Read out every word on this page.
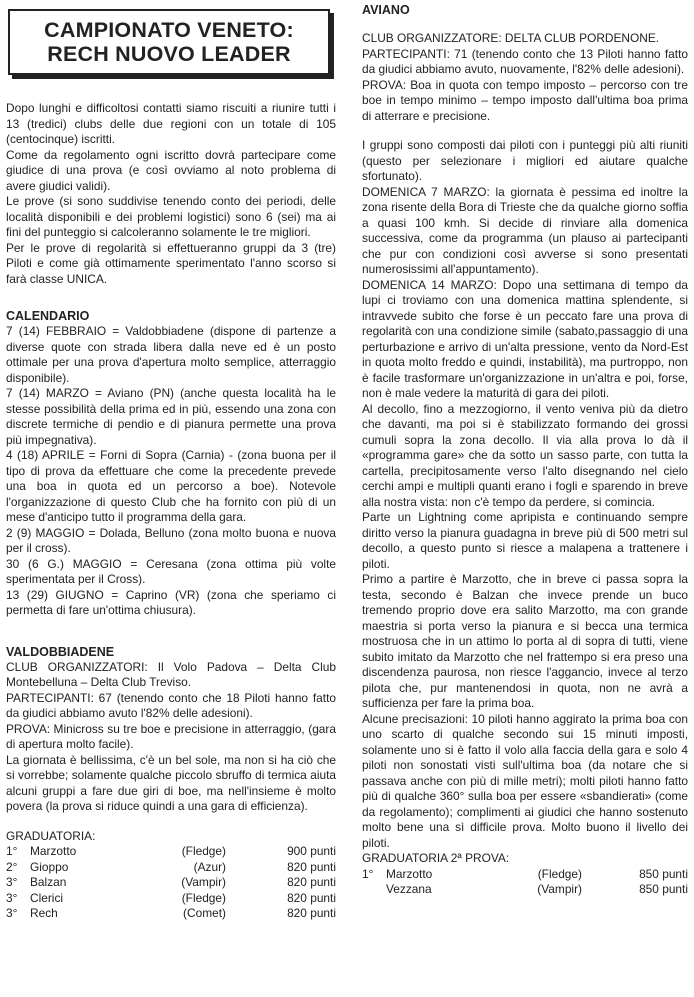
CAMPIONATO VENETO:
RECH NUOVO LEADER

Dopo lunghi e difficoltosi contatti siamo riscuiti a riunire tutti i 13 (tredici) clubs delle due regioni con un totale di 105 (centocinque) iscritti.

Come da regolamento ogni iscritto dovrà partecipare come giudice di una prova (e così ovviamo al noto problema di avere giudici validi).

Le prove (si sono suddivise tenendo conto dei periodi, delle località disponibili e dei problemi logistici) sono 6 (sei) ma ai fini del punteggio si calcoleranno solamente le tre migliori.

Per le prove di regolarità si effettueranno gruppi da 3 (tre) Piloti e come già ottimamente sperimentato l'anno scorso si farà classe UNICA.

CALENDARIO

7 (14) FEBBRAIO = Valdobbiadene (dispone di partenze a diverse quote con strada libera dalla neve ed è un posto ottimale per una prova d'apertura molto semplice, atterraggio disponibile).

7 (14) MARZO = Aviano (PN) (anche questa località ha le stesse possibilità della prima ed in più, essendo una zona con discrete termiche di pendio e di pianura permette una prova più impegnativa).

4 (18) APRILE = Forni di Sopra (Carnia) - (zona buona per il tipo di prova da effettuare che come la precedente prevede una boa in quota ed un percorso a boe). Notevole l'organizzazione di questo Club che ha fornito con più di un mese d'anticipo tutto il programma della gara.

2 (9) MAGGIO = Dolada, Belluno (zona molto buona e nuova per il cross).

30 (6 G.) MAGGIO = Ceresana (zona ottima più volte sperimentata per il Cross).

13 (29) GIUGNO = Caprino (VR) (zona che speriamo ci permetta di fare un'ottima chiusura).

VALDOBBIADENE

CLUB ORGANIZZATORI: Il Volo Padova – Delta Club Montebelluna – Delta Club Treviso.

PARTECIPANTI: 67 (tenendo conto che 18 Piloti hanno fatto da giudici abbiamo avuto l'82% delle adesioni).

PROVA: Minicross su tre boe e precisione in atterraggio, (gara di apertura molto facile).

La giornata è bellissima, c'è un bel sole, ma non si ha ciò che si vorrebbe; solamente qualche piccolo sbruffo di termica aiuta alcuni gruppi a fare due giri di boe, ma nell'insieme è molto povera (la prova si riduce quindi a una gara di efficienza).

GRADUATORIA:

1°	Marzotto	(Fledge)	900 punti
2°	Gioppo	(Azur)	820 punti
3°	Balzan	(Vampir)	820 punti
3°	Clerici	(Fledge)	820 punti
3°	Rech	(Comet)	820 punti
AVIANO

CLUB ORGANIZZATORE: DELTA CLUB PORDENONE.

PARTECIPANTI: 71 (tenendo conto che 13 Piloti hanno fatto da giudici abbiamo avuto, nuovamente, l'82% delle adesioni).

PROVA: Boa in quota con tempo imposto – percorso con tre boe in tempo minimo – tempo imposto dall'ultima boa prima di atterrare e precisione.

I gruppi sono composti dai piloti con i punteggi più alti riuniti (questo per selezionare i migliori ed aiutare qualche sfortunato).

DOMENICA 7 MARZO: la giornata è pessima ed inoltre la zona risente della Bora di Trieste che da qualche giorno soffia a quasi 100 kmh. Si decide di rinviare alla domenica successiva, come da programma (un plauso ai partecipanti che pur con condizioni così avverse si sono presentati numerosissimi all'appuntamento).

DOMENICA 14 MARZO: Dopo una settimana di tempo da lupi ci troviamo con una domenica mattina splendente, si intravvede subito che forse è un peccato fare una prova di regolarità con una condizione simile (sabato,passaggio di una perturbazione e arrivo di un'alta pressione, vento da Nord-Est in quota molto freddo e quindi, instabilità), ma purtroppo, non è facile trasformare un'organizzazione in un'altra e poi, forse, non è male vedere la maturità di gara dei piloti.

Al decollo, fino a mezzogiorno, il vento veniva più da dietro che davanti, ma poi si è stabilizzato formando dei grossi cumuli sopra la zona decollo. Il via alla prova lo dà il «programma gare» che da sotto un sasso parte, con tutta la cartella, precipitosamente verso l'alto disegnando nel cielo cerchi ampi e multipli quanti erano i fogli e sparendo in breve alla nostra vista: non c'è tempo da perdere, si comincia.

Parte un Lightning come apripista e continuando sempre diritto verso la pianura guadagna in breve più di 500 metri sul decollo, a questo punto si riesce a malapena a trattenere i piloti.

Primo a partire è Marzotto, che in breve ci passa sopra la testa, secondo è Balzan che invece prende un buco tremendo proprio dove era salito Marzotto, ma con grande maestria si porta verso la pianura e si becca una termica mostruosa che in un attimo lo porta al di sopra di tutti, viene subito imitato da Marzotto che nel frattempo si era preso una discendenza paurosa, non riesce l'aggancio, invece al terzo pilota che, pur mantenendosi in quota, non ne avrà a sufficienza per fare la prima boa.

Alcune precisazioni: 10 piloti hanno aggirato la prima boa con uno scarto di qualche secondo sui 15 minuti imposti, solamente uno si è fatto il volo alla faccia della gara e solo 4 piloti non sonostati visti sull'ultima boa (da notare che si passava anche con più di mille metri); molti piloti hanno fatto più di qualche 360° sulla boa per essere «sbandierati» (come da regolamento); complimenti ai giudici che hanno sostenuto molto bene una sì difficile prova. Molto buono il livello dei piloti.

GRADUATORIA 2ª PROVA:

1°	Marzotto	(Fledge)	850 punti
	Vezzana	(Vampir)	850 punti
